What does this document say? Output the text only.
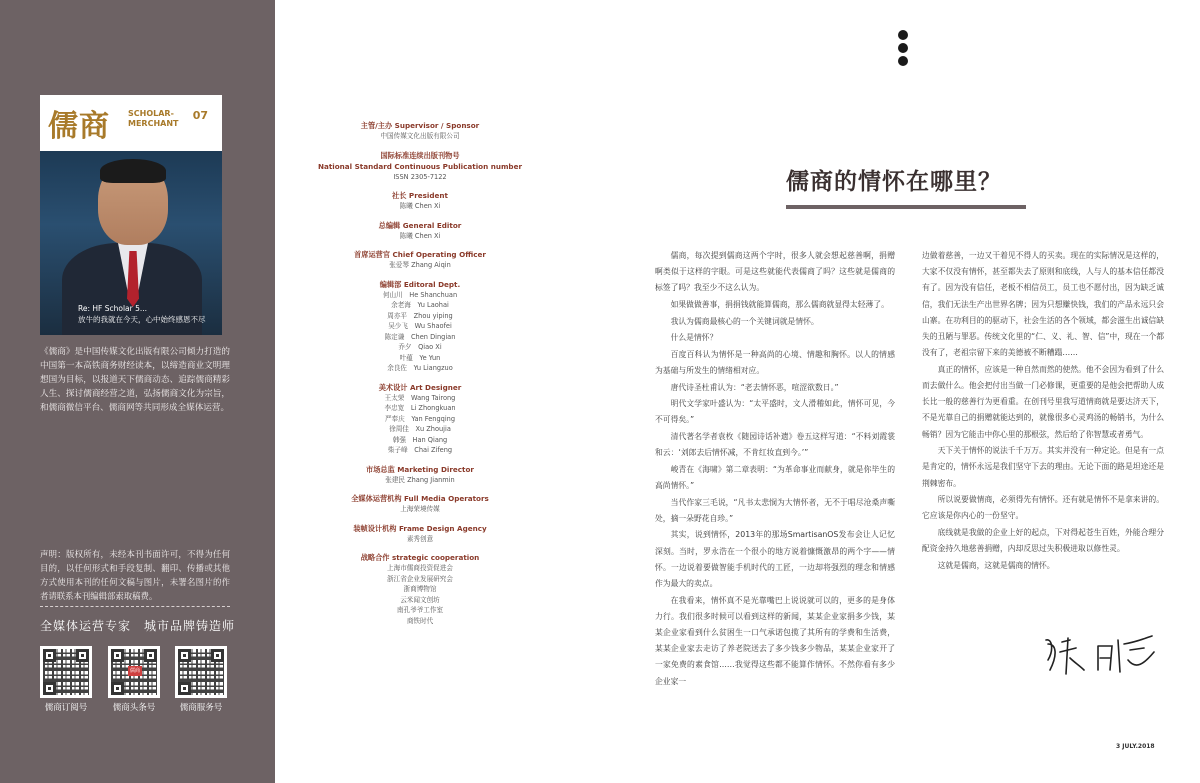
儒商 SCHOLAR-
MERCHANT
07
Re: HF Scholar 5...
放牛的我就在今天，心中始终感恩不尽
《儒商》是中国传媒文化出版有限公司倾力打造的中国第一本高铁商务财经读本，以缔造商业文明理想国为目标，以报道天下儒商动态、追踪儒商精彩人生、探讨儒商经营之道，弘扬儒商文化为宗旨，和儒商微信平台、儒商网等共同形成全媒体运营。
声明：版权所有，未经本刊书面许可，不得为任何目的，以任何形式和手段复制、翻印、传播或其他方式使用本刊的任何文稿与图片，未署名图片的作者请联系本刊编辑部索取稿费。
全媒体运营专家　城市品牌铸造师
儒商
儒商订阅号	儒商头条号	儒商服务号
主管/主办 Supervisor / Sponsor
中国传媒文化出版有限公司
国际标准连续出版刊物号
National Standard Continuous Publication number
ISSN 2305-7122
社长 President
陈曦 Chen Xi
总编辑 General Editor
陈曦 Chen Xi
首席运营官 Chief Operating Officer
张爱琴 Zhang Aiqin
编辑部 Editoral Dept.
何山川　He Shanchuan
余老海　Yu Laohai
周亦平　Zhou yiping
吴少飞　Wu Shaofei
陈定谦　Chen Dingian
乔夕　Qiao Xi
叶蕴　Ye Yun
余良佐　Yu Liangzuo
美术设计 Art Designer
王太荣　Wang Tairong
李忠宽　Li Zhongkuan
严奉庆　Yan Fengqing
徐周佳　Xu Zhoujia
韩强　Han Qiang
柴子峰　Chai Zifeng
市场总监 Marketing Director
张建民 Zhang Jianmin
全媒体运营机构 Full Media Operators
上海荣境传媒
装帧设计机构 Frame Design Agency
素秀创意
战略合作 strategic cooperation
上海市儒商投资促进会
浙江省企业发展研究会
浙商博物馆
云米闻文创坊
南孔爷爷工作室
商铁时代
儒商的情怀在哪里？

儒商，每次提到儒商这两个字时，很多人就会想起慈善啊，捐赠啊类似于这样的字眼。可是这些就能代表儒商了吗？这些就是儒商的标签了吗？我至少不这么认为。

如果做做善事，捐捐钱就能算儒商，那么儒商就显得太轻薄了。

我认为儒商最核心的一个关键词就是情怀。

什么是情怀？

百度百科认为情怀是一种高尚的心境、情趣和胸怀。以人的情感为基础与所发生的情绪相对应。

唐代诗圣杜甫认为：“老去情怀恶，喧涩欲数日。”

明代文学家叶盛认为：“太平盛时，文人滑稽如此，情怀可见，今不可得矣。”

清代著名学者袁枚《随园诗话补遗》卷五这样写道：“不料刘霞裳和云：‘刘郎去后情怀减，不肯红妆直到今。’”

峻青在《海啸》第二章表明：“为革命事业而献身，就是你毕生的高尚情怀。”

当代作家三毛说，“凡书太悲悯为大情怀者，无不于唱尽沧桑声嘶处，摘一朵野花自珍。”

其实，说到情怀，2013年的那场SmartisanOS发布会让人记忆深刻。当时，罗永浩在一个很小的地方说着慷慨激昂的两个字——情怀。一边说着要做智能手机时代的工匠，一边却将强烈的理念和情感作为最大的卖点。

在我看来，情怀真不是光靠嘴巴上说说就可以的，更多的是身体力行。我们很多时候可以看到这样的新闻，某某企业家捐多少钱，某某企业家看到什么贫困生一口气承诺包揽了其所有的学费和生活费，某某企业家去走访了养老院送去了多少钱多少物品，某某企业家开了一家免费的素食馆……我觉得这些都不能算作情怀。不然你看有多少企业家一

边做着慈善，一边又干着见不得人的买卖。现在的实际情况是这样的，大家不仅没有情怀，甚至都失去了原则和底线，人与人的基本信任都没有了。因为没有信任，老板不相信员工，员工也不愿付出，因为缺乏诚信，我们无法生产出世界名牌；因为只想赚快钱，我们的产品永远只会山寨。在功利目的的驱动下，社会生活的各个领域，都会滋生出诚信缺失的丑陋与罪恶。传统文化里的“仁、义、礼、智、信”中，现在一个都没有了，老祖宗留下来的美德被不断糟蹋……

真正的情怀，应该是一种自然而然的使然。他不会因为看到了什么而去做什么。他会把付出当做一门必修课，更重要的是他会把帮助人成长比一般的慈善行为更看重。在创刊号里我写道情商就是要达济天下，不是光靠自己的捐赠就能达到的，就像很多心灵鸡汤的畅销书，为什么畅销？因为它能击中你心里的那根弦，然后给了你智慧或者勇气。

天下关于情怀的说法千千万万。其实并没有一种定论。但是有一点是肯定的，情怀永远是我们坚守下去的理由。无论下面的路是坦途还是荆棘密布。

所以说要做情商，必须得先有情怀。还有就是情怀不是拿来讲的。它应该是你内心的一份坚守。

底线就是我做的企业上好的起点，下对得起苍生百姓，外能合理分配资金持久地慈善捐赠，内却反思过失积极进取以修性灵。

这就是儒商，这就是儒商的情怀。

3 JULY.2018
